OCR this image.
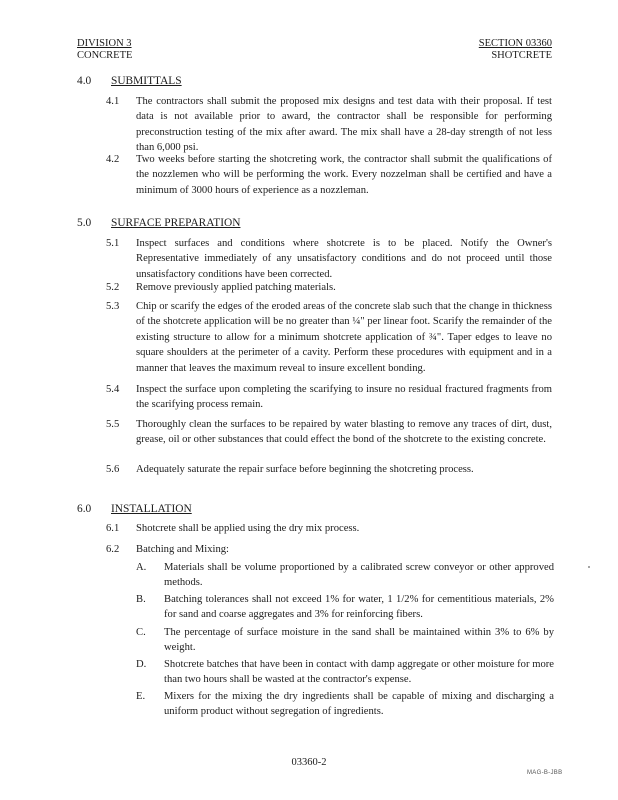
DIVISION 3
CONCRETE
SECTION 03360
SHOTCRETE
4.0 SUBMITTALS
4.1 The contractors shall submit the proposed mix designs and test data with their proposal. If test data is not available prior to award, the contractor shall be responsible for performing preconstruction testing of the mix after award. The mix shall have a 28-day strength of not less than 6,000 psi.
4.2 Two weeks before starting the shotcreting work, the contractor shall submit the qualifications of the nozzlemen who will be performing the work. Every nozzelman shall be certified and have a minimum of 3000 hours of experience as a nozzleman.
5.0 SURFACE PREPARATION
5.1 Inspect surfaces and conditions where shotcrete is to be placed. Notify the Owner's Representative immediately of any unsatisfactory conditions and do not proceed until those unsatisfactory conditions have been corrected.
5.2 Remove previously applied patching materials.
5.3 Chip or scarify the edges of the eroded areas of the concrete slab such that the change in thickness of the shotcrete application will be no greater than ¼" per linear foot. Scarify the remainder of the existing structure to allow for a minimum shotcrete application of ¾". Taper edges to leave no square shoulders at the perimeter of a cavity. Perform these procedures with equipment and in a manner that leaves the maximum reveal to insure excellent bonding.
5.4 Inspect the surface upon completing the scarifying to insure no residual fractured fragments from the scarifying process remain.
5.5 Thoroughly clean the surfaces to be repaired by water blasting to remove any traces of dirt, dust, grease, oil or other substances that could effect the bond of the shotcrete to the existing concrete.
5.6 Adequately saturate the repair surface before beginning the shotcreting process.
6.0 INSTALLATION
6.1 Shotcrete shall be applied using the dry mix process.
6.2 Batching and Mixing:
A. Materials shall be volume proportioned by a calibrated screw conveyor or other approved methods.
B. Batching tolerances shall not exceed 1% for water, 1 1/2% for cementitious materials, 2% for sand and coarse aggregates and 3% for reinforcing fibers.
C. The percentage of surface moisture in the sand shall be maintained within 3% to 6% by weight.
D. Shotcrete batches that have been in contact with damp aggregate or other moisture for more than two hours shall be wasted at the contractor's expense.
E. Mixers for the mixing the dry ingredients shall be capable of mixing and discharging a uniform product without segregation of ingredients.
03360-2
MAG-B-JBB
